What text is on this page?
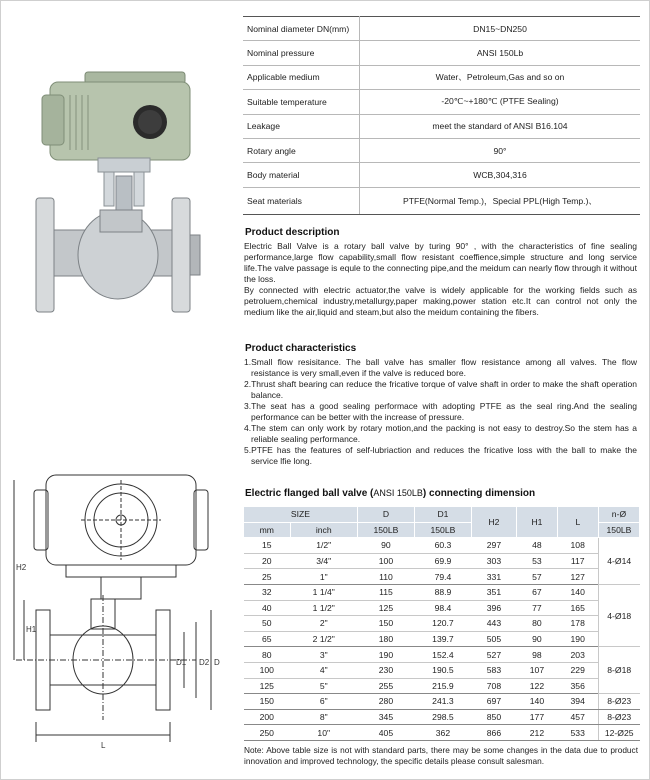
L
D
D2
D1
H1
H2
Nominal diameter DN(mm)	DN15~DN250
Nominal pressure	ANSI 150Lb
Applicable medium	Water、Petroleum,Gas and so on
Suitable temperature	-20℃~+180℃ (PTFE Sealing)
Leakage	meet the standard of ANSI B16.104
Rotary angle	90°
Body material	WCB,304,316
Seat materials	PTFE(Normal Temp.)，Special PPL(High Temp.)、
Product description

Electric Ball Valve is a rotary ball valve by turing 90° , with the characteristics of fine sealing performance,large flow capability,small flow resistant coeffience,simple structure and long service life.The valve passage is equle to the connecting pipe,and the meidum can nearly flow through it without the loss.

By connected with electric actuator,the valve is widely applicable for the working fields such as petroluem,chemical industry,metallurgy,paper making,power station etc.It can control not only the medium like the air,liquid and steam,but also the meidum containing the fibers.

Product characteristics
1.Small flow resisitance. The ball valve has smaller flow resistance among all valves. The flow resistance is very small,even if the valve is reduced bore.
2.Thrust shaft bearing can reduce the fricative torque of valve shaft in order to make the shaft operation balance.
3.The seat has a good sealing performace with adopting PTFE as the seal ring.And the sealing performance can be better with the increase of pressure.
4.The stem can only work by rotary motion,and the packing is not easy to destroy.So the stem has a reliable sealing performance.
5.PTFE has the features of self-lubriaction and reduces the fricative loss with the ball to make the service lfie long.
Electric flanged ball valve (ANSI 150LB) connecting dimension
SIZE		D	D1	H2	H1	L	n-Ø
mm	inch	150LB	150LB				150LB
15	1/2"	90	60.3	297	48	108	4-Ø14
20	3/4"	100	69.9	303	53	117	
25	1"	110	79.4	331	57	127	
32	1 1/4"	115	88.9	351	67	140	4-Ø18
40	1 1/2"	125	98.4	396	77	165	
50	2"	150	120.7	443	80	178	
65	2 1/2"	180	139.7	505	90	190	
80	3"	190	152.4	527	98	203	8-Ø18
100	4"	230	190.5	583	107	229	
125	5"	255	215.9	708	122	356	
150	6"	280	241.3	697	140	394	8-Ø23
200	8"	345	298.5	850	177	457	8-Ø23
250	10"	405	362	866	212	533	12-Ø25
Note: Above table size is not with standard parts, there may be some changes in the data due to product innovation and improved technology, the specific details please consult salesman.
